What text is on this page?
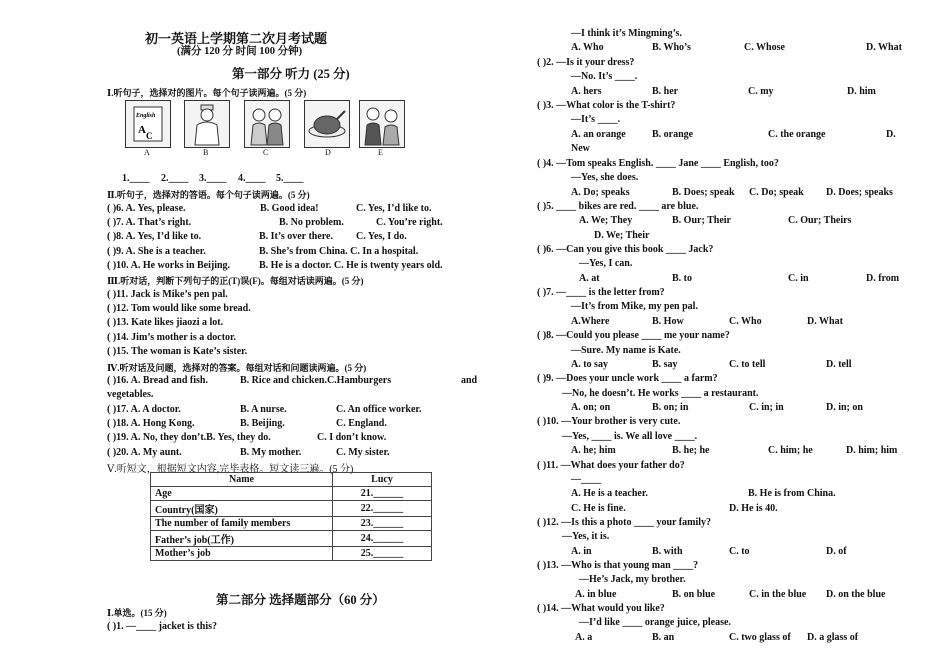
初一英语上学期第二次月考试题
(满分 120 分 时间 100 分钟)
第一部分 听力 (25 分)
Ⅰ.听句子，选择对的图片。每个句子读两遍。(5 分)
English
A C
A	B	C	D	E
1.____ 2.____ 3.____ 4.____ 5.____
Ⅱ.听句子，选择对的答语。每个句子读两遍。(5 分)
( )6. A. Yes, please.	B. Good idea!	C. Yes, I’d like to.
( )7. A. That’s right.	B. No problem.	C. You’re right.
( )8. A. Yes, I’d like to.	B. It’s over there. C. Yes, I do.
( )9. A. She is a teacher.	B. She’s from China. C. In a hospital.
( )10. A. He works in Beijing.	B. He is a doctor. C. He is twenty years old.
Ⅲ.听对话，判断下列句子的正(T)误(F)。每组对话读两遍。(5 分)
( )11. Jack is Mike’s pen pal.
( )12. Tom would like some bread.
( )13. Kate likes jiaozi a lot.
( )14. Jim’s mother is a doctor.
( )15. The woman is Kate’s sister.
Ⅳ.听对话及问题，选择对的答案。每组对话和问题读两遍。(5 分)
( )16. A. Bread and fish.	B. Rice and chicken.C.Hamburgers	and
vegetables.
( )17. A. A doctor.	B. A nurse.	C. An office worker.
( )18. A. Hong Kong.	B. Beijing.	C. England.
( )19. A. No, they don’t.B. Yes, they do.	C. I don’t know.
( )20. A. My aunt.	B. My mother.	C. My sister.
Ⅴ.听短文，根据短文内容,完毕表格。短文读三遍。(5 分)
Name	Lucy
Age	21.______
Country(国家)	22.______
The number of family members	23.______
Father’s job(工作)	24.______
Mother’s job	25.______
第二部分 选择题部分（60 分）
Ⅰ.单选。(15 分)
( )1. —____ jacket is this?
—I think it’s Mingming’s.
A. Who	B. Who’s	C. Whose	D. What
( )2. —Is it your dress?
—No. It’s ____.
A. hers	B. her	C. my	D. him
( )3. —What color is the T-shirt?
—It’s ____.
A. an orange	B. orange	C. the orange	D.
New
( )4. —Tom speaks English. ____ Jane ____ English, too?
—Yes, she does.
A. Do; speaks	B. Does; speak C. Do; speak D. Does; speaks
( )5. ____ bikes are red. ____ are blue.
A. We; They	B. Our; Their	C. Our; Theirs
D. We; Their
( )6. —Can you give this book ____ Jack?
—Yes, I can.
A. at	B. to	C. in	D. from
( )7. —____ is the letter from?
—It’s from Mike, my pen pal.
A.Where	B. How	C. Who	D. What
( )8. —Could you please ____ me your name?
—Sure. My name is Kate.
A. to say	B. say	C. to tell	D. tell
( )9. —Does your uncle work ____ a farm?
—No, he doesn’t. He works ____ a restaurant.
A. on; on	B. on; in	C. in; in	D. in; on
( )10. —Your brother is very cute.
—Yes, ____ is. We all love ____.
A. he; him	B. he; he	C. him; he	D. him; him
( )11. —What does your father do?
—____
A. He is a teacher.	B. He is from China.
C. He is fine.	D. He is 40.
( )12. —Is this a photo ____ your family?
—Yes, it is.
A. in	B. with	C. to	D. of
( )13. —Who is that young man ____?
—He’s Jack, my brother.
A. in blue	B. on blue	C. in the blue D. on the blue
( )14. —What would you like?
—I’d like ____ orange juice, please.
A. a	B. an	C. two glass of D. a glass of
